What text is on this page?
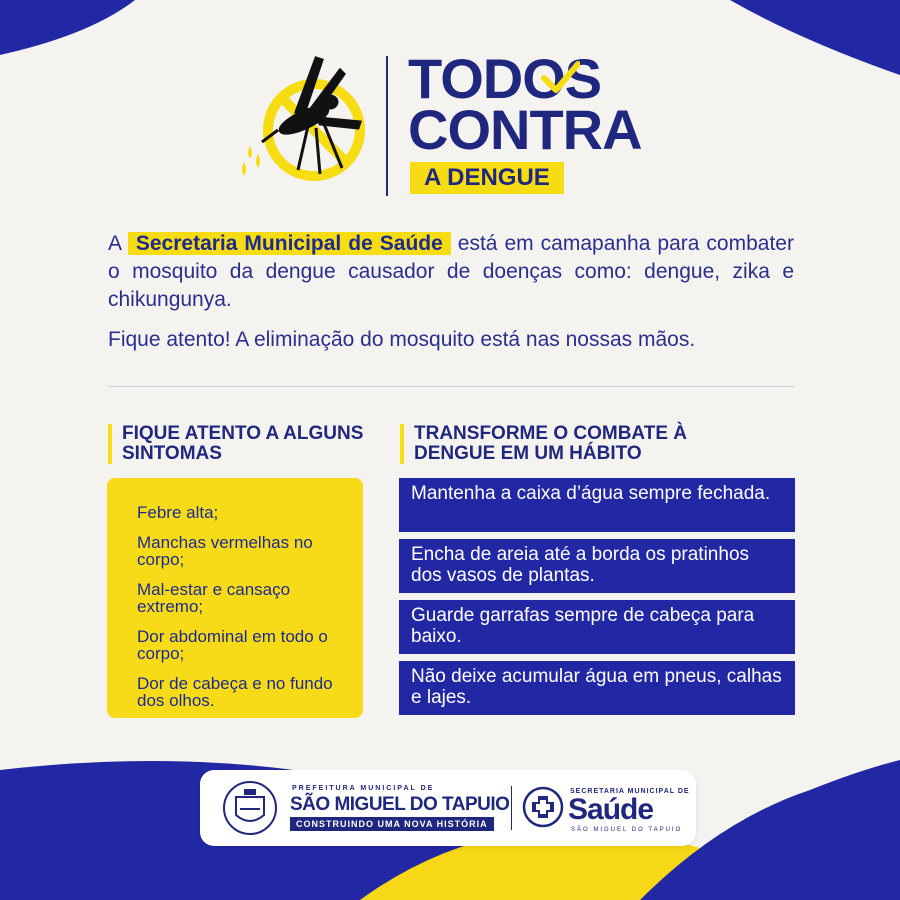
TODOS
CONTRA
A DENGUE

A Secretaria Municipal de Saúde está em camapanha para combater o mosquito da dengue causador de doenças como: dengue, zika e chikungunya.

Fique atento! A eliminação do mosquito está nas nossas mãos.

FIQUE ATENTO A ALGUNS SINTOMAS
Febre alta;
Manchas vermelhas no corpo;
Mal-estar e cansaço extremo;
Dor abdominal em todo o corpo;
Dor de cabeça e no fundo dos olhos.
TRANSFORME O COMBATE À DENGUE EM UM HÁBITO
Mantenha a caixa d’água sempre fechada.
Encha de areia até a borda os pratinhos dos vasos de plantas.
Guarde garrafas sempre de cabeça para baixo.
Não deixe acumular água em pneus, calhas e lajes.
PREFEITURA MUNICIPAL DE
SÃO MIGUEL DO TAPUIO
CONSTRUINDO UMA NOVA HISTÓRIA
SECRETARIA MUNICIPAL DE
Saúde
SÃO MIGUEL DO TAPUIO
